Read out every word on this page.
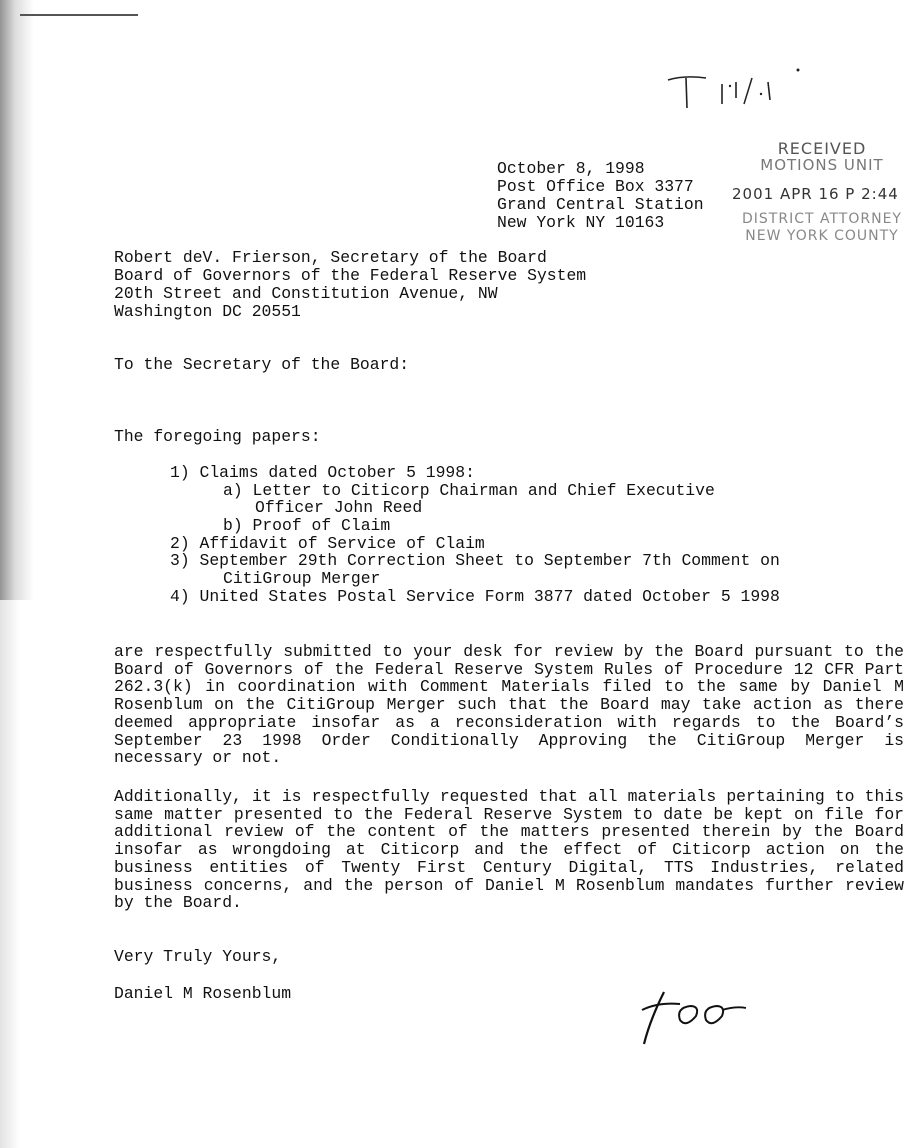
RECEIVED
MOTIONS UNIT
2001 APR 16 P 2:44
DISTRICT ATTORNEY
NEW YORK COUNTY
October 8, 1998
Post Office Box 3377
Grand Central Station
New York NY 10163
Robert deV. Frierson, Secretary of the Board
Board of Governors of the Federal Reserve System
20th Street and Constitution Avenue, NW
Washington DC 20551
To the Secretary of the Board:
The foregoing papers:
1) Claims dated October 5 1998:
a) Letter to Citicorp Chairman and Chief Executive
Officer John Reed
b) Proof of Claim
2) Affidavit of Service of Claim
3) September 29th Correction Sheet to September 7th Comment on
CitiGroup Merger
4) United States Postal Service Form 3877 dated October 5 1998
are respectfully submitted to your desk for review by the Board pursuant to the Board of Governors of the Federal Reserve System Rules of Procedure 12 CFR Part 262.3(k) in coordination with Comment Materials filed to the same by Daniel M Rosenblum on the CitiGroup Merger such that the Board may take action as there deemed appropriate insofar as a reconsideration with regards to the Board’s September 23 1998 Order Conditionally Approving the CitiGroup Merger is necessary or not.
Additionally, it is respectfully requested that all materials pertaining to this same matter presented to the Federal Reserve System to date be kept on file for additional review of the content of the matters presented therein by the Board insofar as wrongdoing at Citicorp and the effect of Citicorp action on the business entities of Twenty First Century Digital, TTS Industries, related business concerns, and the person of Daniel M Rosenblum mandates further review by the Board.
Very Truly Yours,
Daniel M Rosenblum
